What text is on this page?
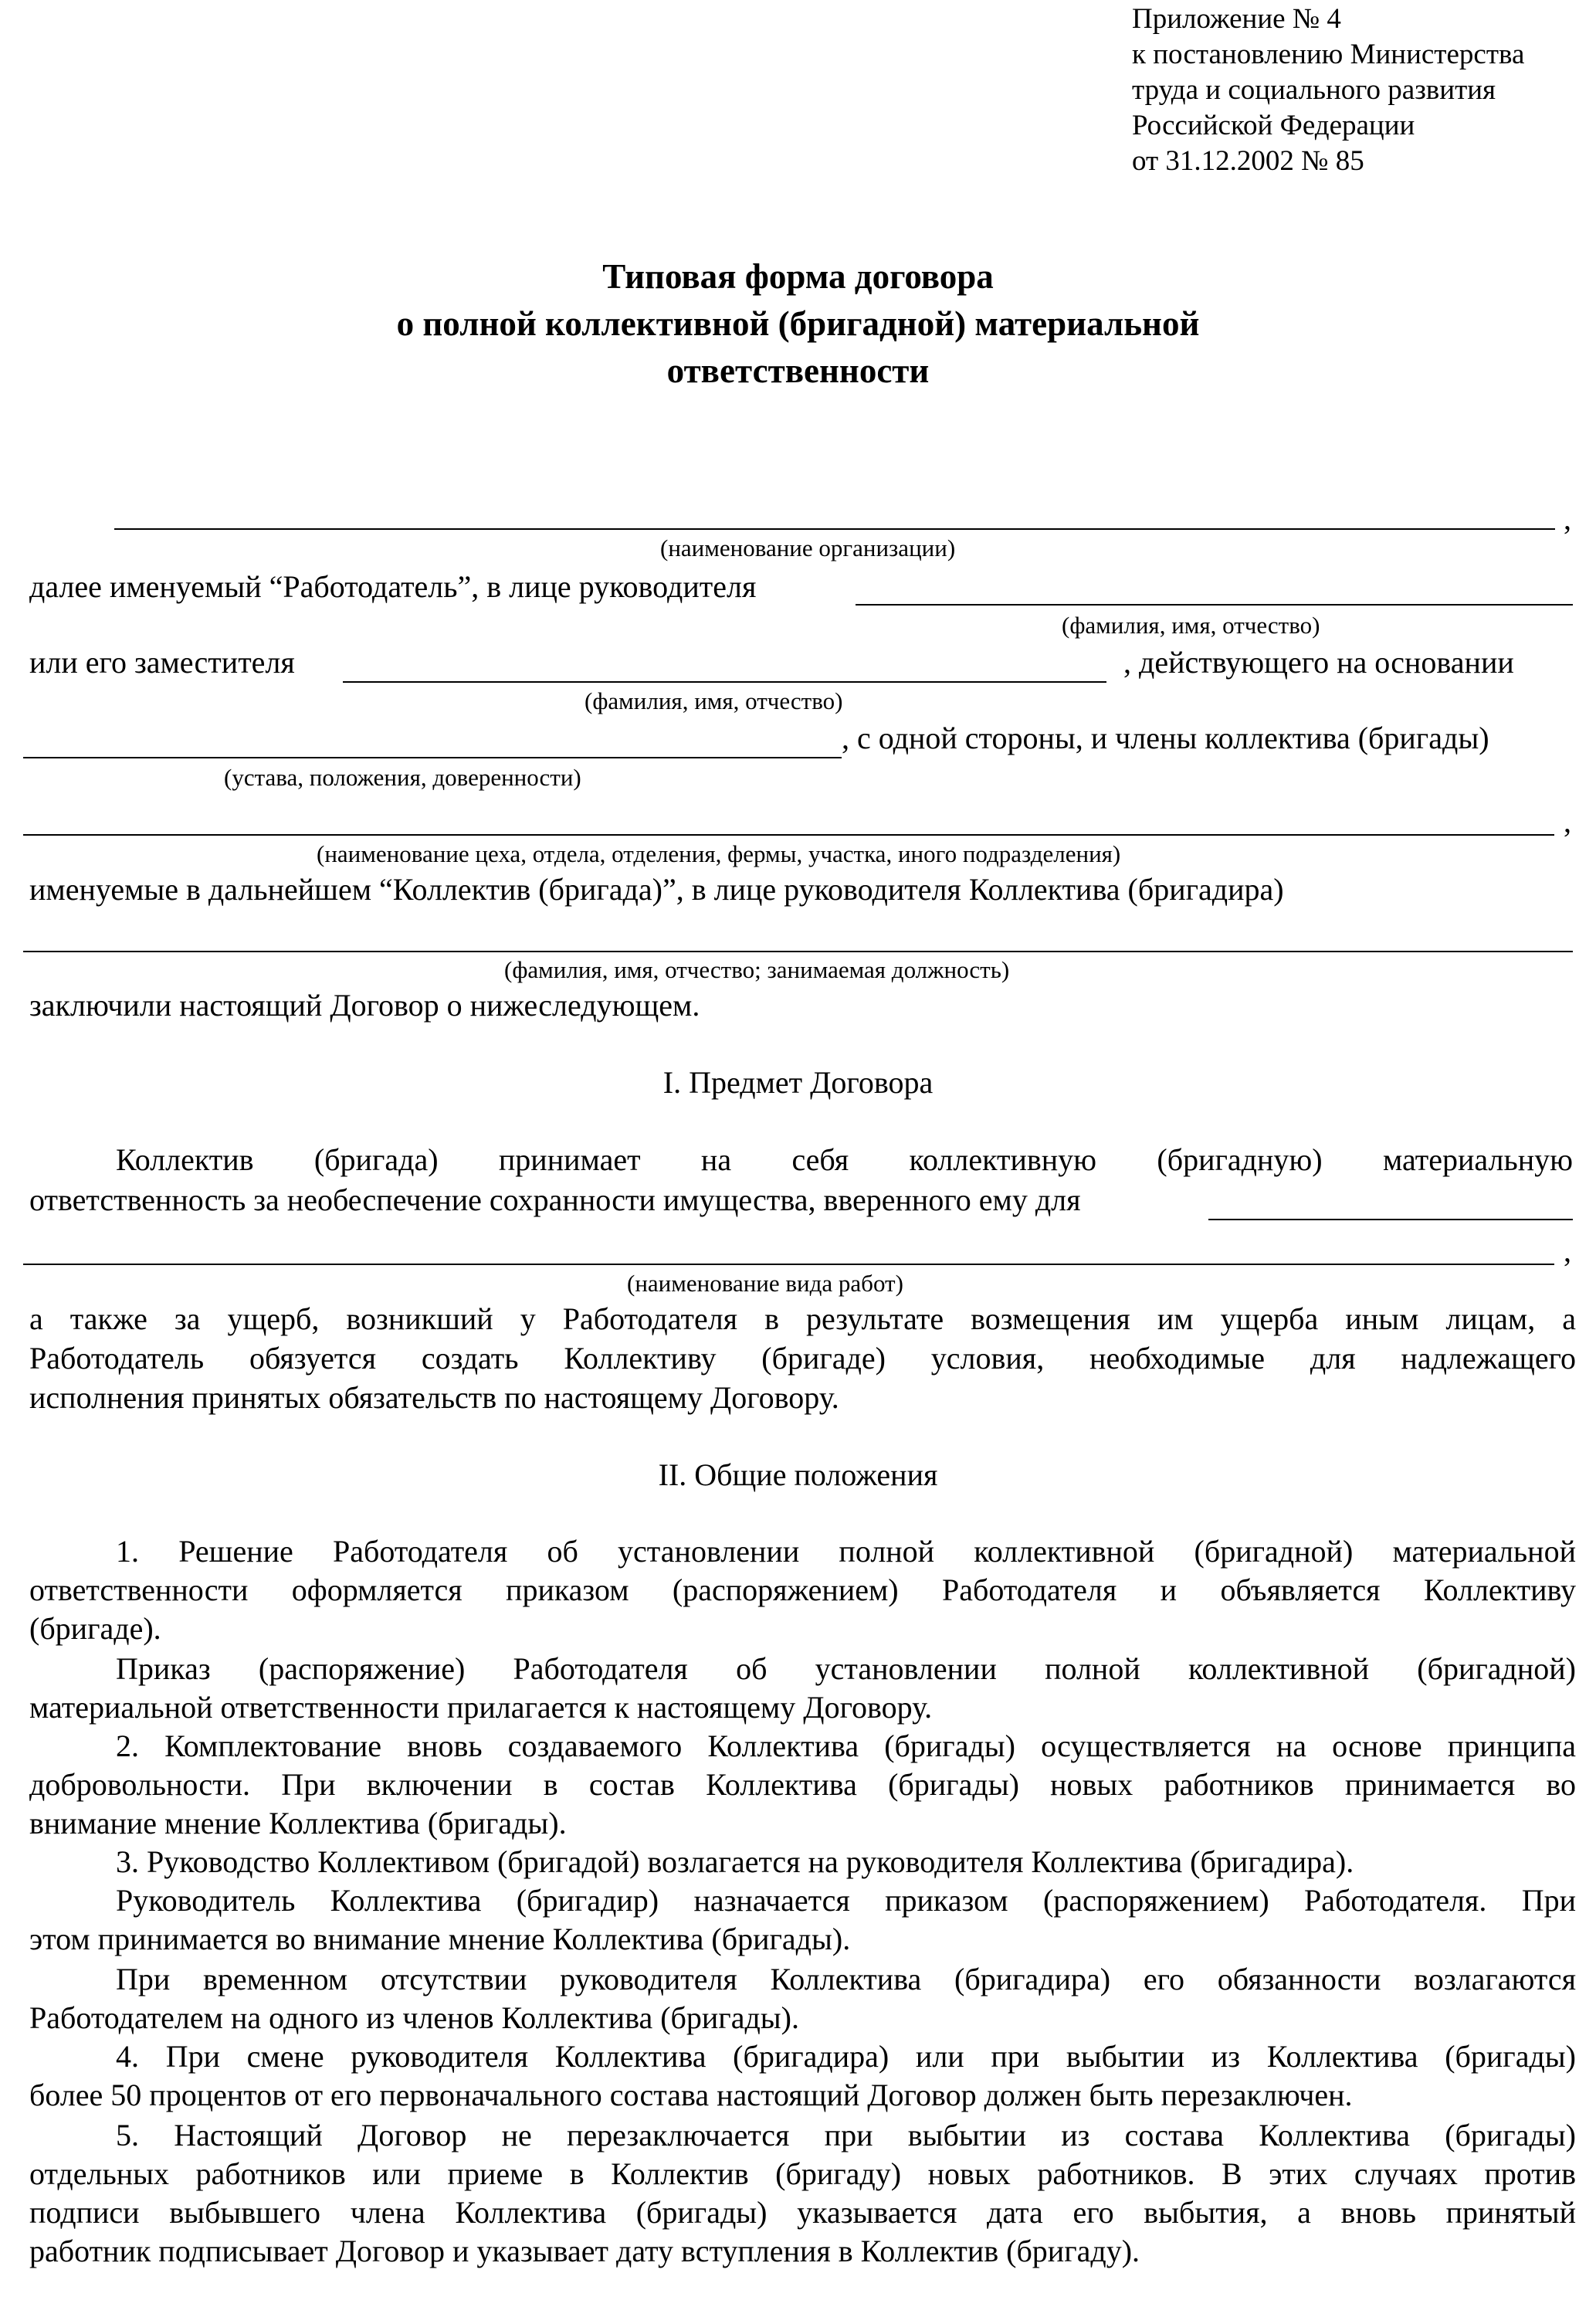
Приложение № 4
к постановлению Министерства
труда и социального развития
Российской Федерации
от 31.12.2002 № 85
Типовая форма договора
о полной коллективной (бригадной) материальной
ответственности
,
(наименование организации)
далее именуемый “Работодатель”, в лице руководителя
(фамилия, имя, отчество)
или его заместителя	, действующего на основании
(фамилия, имя, отчество)
, с одной стороны, и члены коллектива (бригады)
(устава, положения, доверенности)
,
(наименование цеха, отдела, отделения, фермы, участка, иного подразделения)
именуемые в дальнейшем “Коллектив (бригада)”, в лице руководителя Коллектива (бригадира)
(фамилия, имя, отчество; занимаемая должность)
заключили настоящий Договор о нижеследующем.
I. Предмет Договора
Коллектив (бригада) принимает на себя коллективную (бригадную) материальную
ответственность за необеспечение сохранности имущества, вверенного ему для
,
(наименование вида работ)
а также за ущерб, возникший у Работодателя в результате возмещения им ущерба иным лицам, а
Работодатель обязуется создать Коллективу (бригаде) условия, необходимые для надлежащего
исполнения принятых обязательств по настоящему Договору.
II. Общие положения
1. Решение Работодателя об установлении полной коллективной (бригадной) материальной
ответственности оформляется приказом (распоряжением) Работодателя и объявляется Коллективу
(бригаде).
Приказ (распоряжение) Работодателя об установлении полной коллективной (бригадной)
материальной ответственности прилагается к настоящему Договору.
2. Комплектование вновь создаваемого Коллектива (бригады) осуществляется на основе принципа
добровольности. При включении в состав Коллектива (бригады) новых работников принимается во
внимание мнение Коллектива (бригады).
3. Руководство Коллективом (бригадой) возлагается на руководителя Коллектива (бригадира).
Руководитель Коллектива (бригадир) назначается приказом (распоряжением) Работодателя. При
этом принимается во внимание мнение Коллектива (бригады).
При временном отсутствии руководителя Коллектива (бригадира) его обязанности возлагаются
Работодателем на одного из членов Коллектива (бригады).
4. При смене руководителя Коллектива (бригадира) или при выбытии из Коллектива (бригады)
более 50 процентов от его первоначального состава настоящий Договор должен быть перезаключен.
5. Настоящий Договор не перезаключается при выбытии из состава Коллектива (бригады)
отдельных работников или приеме в Коллектив (бригаду) новых работников. В этих случаях против
подписи выбывшего члена Коллектива (бригады) указывается дата его выбытия, а вновь принятый
работник подписывает Договор и указывает дату вступления в Коллектив (бригаду).
